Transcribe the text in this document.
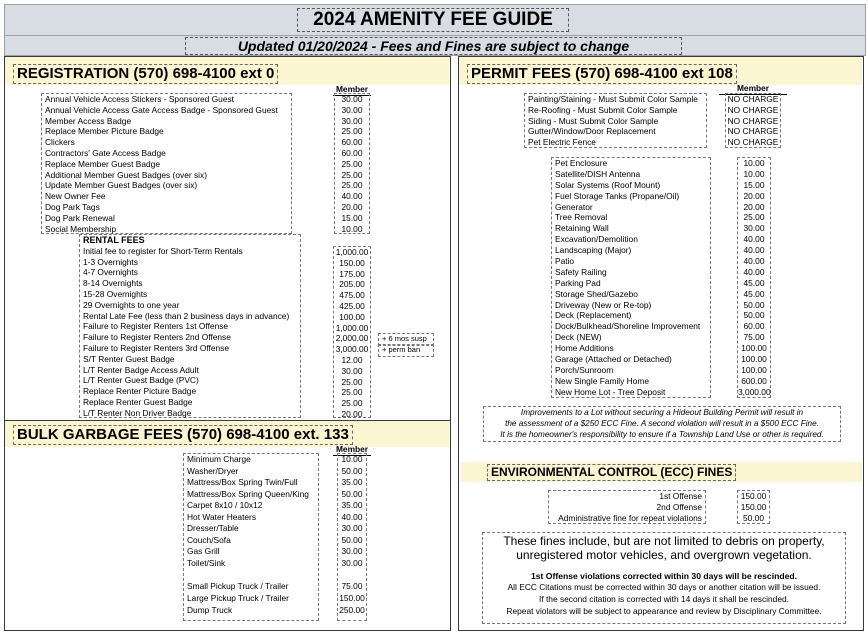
2024 AMENITY FEE GUIDE
Updated 01/20/2024 - Fees and Fines are subject to change
REGISTRATION (570) 698-4100 ext 0
Member
Annual Vehicle Access Stickers - Sponsored Guest
Annual Vehicle Access Gate Access Badge - Sponsored Guest
Member Access Badge
Replace Member Picture Badge
Clickers
Contractors' Gate Access Badge
Replace Member Guest Badge
Additional Member Guest Badges (over six)
Update Member Guest Badges (over six)
New Owner Fee
Dog Park Tags
Dog Park Renewal
Social Membership
30.00
30.00
30.00
25.00
60.00
60.00
25.00
25.00
25.00
40.00
20.00
15.00
10.00
RENTAL FEES
Initial fee to register for Short-Term Rentals
1-3 Overnights
4-7 Overnights
8-14 Overnights
15-28 Overnights
29 Overnights to one year
Rental Late Fee (less than 2 business days in advance)
Failure to Register Renters 1st Offense
Failure to Register Renters 2nd Offense
Failure to Register Renters 3rd Offense
S/T Renter Guest Badge
L/T Renter Badge Access Adult
L/T Renter Guest Badge (PVC)
Replace Renter Picture Badge
Replace Renter Guest Badge
L/T Renter Non Driver Badge
1,000.00
150.00
175.00
205.00
475.00
425.00
100.00
1,000.00
2,000.00
3,000.00
12.00
30.00
25.00
25.00
25.00
20.00
+ 6 mos susp
+ perm ban
BULK GARBAGE FEES (570) 698-4100 ext. 133
Member
Minimum Charge
Washer/Dryer
Mattress/Box Spring Twin/Full
Mattress/Box Spring Queen/King
Carpet 8x10 / 10x12
Hot Water Heaters
Dresser/Table
Couch/Sofa
Gas Grill
Toilet/Sink
Small Pickup Truck / Trailer
Large Pickup Truck / Trailer
Dump Truck
10.00
50.00
35.00
50.00
35.00
40.00
30.00
50.00
30.00
30.00
75.00
150.00
250.00
PERMIT FEES (570) 698-4100 ext 108
Member
Painting/Staining - Must Submit Color Sample
Re-Roofing - Must Submit Color Sample
Siding - Must Submit Color Sample
Gutter/Window/Door Replacement
Pet Electric Fence
NO CHARGE
NO CHARGE
NO CHARGE
NO CHARGE
NO CHARGE
Pet Enclosure
Satellite/DISH Antenna
Solar Systems (Roof Mount)
Fuel Storage Tanks (Propane/Oil)
Generator
Tree Removal
Retaining Wall
Excavation/Demolition
Landscaping (Major)
Patio
Safety Railing
Parking Pad
Storage Shed/Gazebo
Driveway (New or Re-top)
Deck (Replacement)
Dock/Bulkhead/Shoreline Improvement
Deck (NEW)
Home Additions
Garage (Attached or Detached)
Porch/Sunroom
New Single Family Home
New Home Lot - Tree Deposit
10.00
10.00
15.00
20.00
20.00
25.00
30.00
40.00
40.00
40.00
40.00
45.00
45.00
50.00
50.00
60.00
75.00
100.00
100.00
100.00
600.00
3,000.00
Improvements to a Lot without securing a Hideout Building Permit will result in
the assessment of a $250 ECC Fine. A second violation will result in a $500 ECC Fine.
It is the homeowner's responsibility to ensure if a Township Land Use or other is required.
ENVIRONMENTAL CONTROL (ECC) FINES
1st Offense
2nd Offense
Administrative fine for repeat violations
150.00
150.00
50.00
These fines include, but are not limited to debris on property,
unregistered motor vehicles, and overgrown vegetation.
1st Offense violations corrected within 30 days will be rescinded.
All ECC Citations must be corrected within 30 days or another citation will be issued.
If the second citation is corrected with 14 days it shall be rescinded.
Repeat violators will be subject to appearance and review by Disciplinary Committee.
